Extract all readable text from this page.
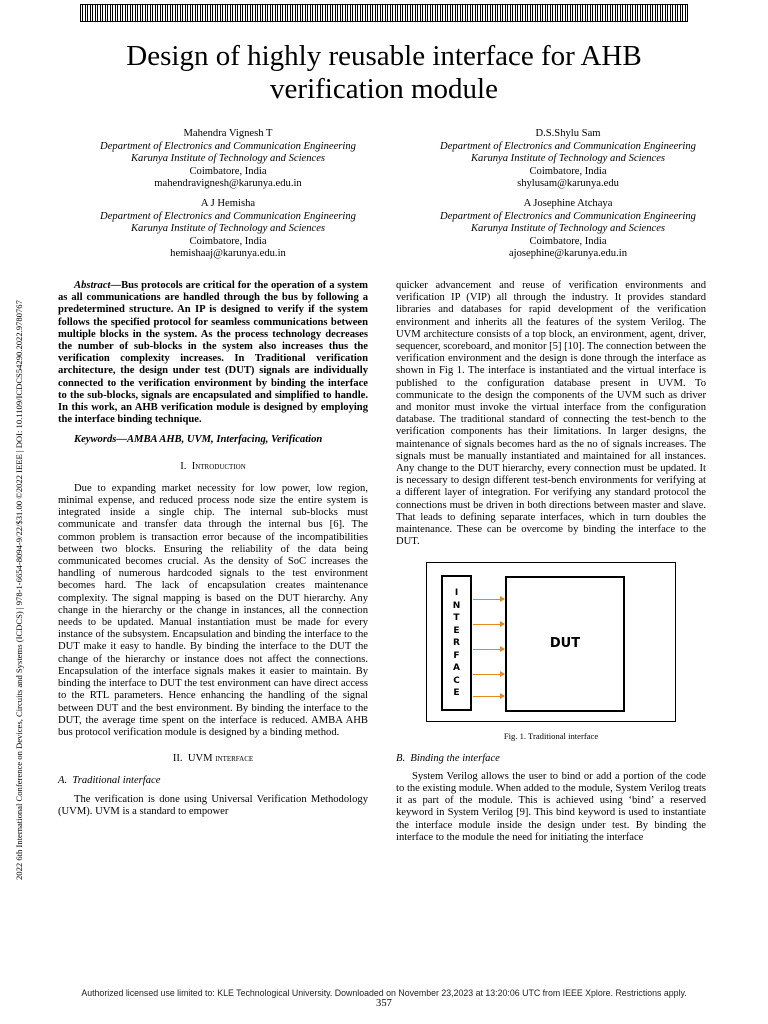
Design of highly reusable interface for AHB
verification module
Mahendra Vignesh T
Department of Electronics and Communication Engineering
Karunya Institute of Technology and Sciences
Coimbatore, India
mahendravignesh@karunya.edu.in
D.S.Shylu Sam
Department of Electronics and Communication Engineering
Karunya Institute of Technology and Sciences
Coimbatore, India
shylusam@karunya.edu
A J Hemisha
Department of Electronics and Communication Engineering
Karunya Institute of Technology and Sciences
Coimbatore, India
hemishaaj@karunya.edu.in
A Josephine Atchaya
Department of Electronics and Communication Engineering
Karunya Institute of Technology and Sciences
Coimbatore, India
ajosephine@karunya.edu.in
2022 6th International Conference on Devices, Circuits and Systems (ICDCS) | 978-1-6654-8094-9/22/$31.00 ©2022 IEEE | DOI: 10.1109/ICDCS54290.2022.9780767

Abstract—Bus protocols are critical for the operation of a system as all communications are handled through the bus by following a predetermined structure. An IP is designed to verify if the system follows the specified protocol for seamless communications between multiple blocks in the system. As the process technology decreases the number of sub-blocks in the system also increases thus the verification complexity increases. In Traditional verification architecture, the design under test (DUT) signals are individually connected to the verification environment by binding the interface to the sub-blocks, signals are encapsulated and simplified to handle. In this work, an AHB verification module is designed by employing the interface binding technique.

Keywords—AMBA AHB, UVM, Interfacing, Verification

I. Introduction

Due to expanding market necessity for low power, low region, minimal expense, and reduced process node size the entire system is integrated inside a single chip. The internal sub-blocks must communicate and transfer data through the internal bus [6]. The common problem is transaction error because of the incompatibilities between two blocks. Ensuring the reliability of the data being communicated becomes crucial. As the density of SoC increases the handling of numerous hardcoded signals to the test environment becomes hard. The lack of encapsulation creates maintenance complexity. The signal mapping is based on the DUT hierarchy. Any change in the hierarchy or the change in instances, all the connection needs to be updated. Manual instantiation must be made for every instance of the subsystem. Encapsulation and binding the interface to the DUT make it easy to handle. By binding the interface to the DUT the change of the hierarchy or instance does not affect the connections. Encapsulation of the interface signals makes it easier to maintain. By binding the interface to DUT the test environment can have direct access to the RTL parameters. Hence enhancing the handling of the signal between DUT and the best environment. By binding the interface to the DUT, the average time spent on the interface is reduced. AMBA AHB bus protocol verification module is designed by a binding method.

II. UVM interface

A. Traditional interface

The verification is done using Universal Verification Methodology (UVM). UVM is a standard to empower

quicker advancement and reuse of verification environments and verification IP (VIP) all through the industry. It provides standard libraries and databases for rapid development of the verification environment and inherits all the features of the system Verilog. The UVM architecture consists of a top block, an environment, agent, driver, sequencer, scoreboard, and monitor [5] [10]. The connection between the verification environment and the design is done through the interface as shown in Fig 1. The interface is instantiated and the virtual interface is published to the configuration database present in UVM. To communicate to the design the components of the UVM such as driver and monitor must invoke the virtual interface from the configuration database. The traditional standard of connecting the test-bench to the verification components has their limitations. In larger designs, the maintenance of signals becomes hard as the no of signals increases. The signals must be manually instantiated and maintained for all instances. Any change to the DUT hierarchy, every connection must be updated. It is necessary to design different test-bench environments for verifying at a different layer of integration. For verifying any standard protocol the connections must be driven in both directions between master and slave. That leads to defining separate interfaces, which in turn doubles the maintenance. These can be overcome by binding the interface to the DUT.

I
N
T
E
R
F
A
C
E
DUT

Fig. 1. Traditional interface

B. Binding the interface

System Verilog allows the user to bind or add a portion of the code to the existing module. When added to the module, System Verilog treats it as part of the module. This is achieved using ‘bind’ a reserved keyword in System Verilog [9]. This bind keyword is used to instantiate the interface module inside the design under test. By binding the interface to the module the need for initiating the interface

Authorized licensed use limited to: KLE Technological University. Downloaded on November 23,2023 at 13:20:06 UTC from IEEE Xplore. Restrictions apply.
357
